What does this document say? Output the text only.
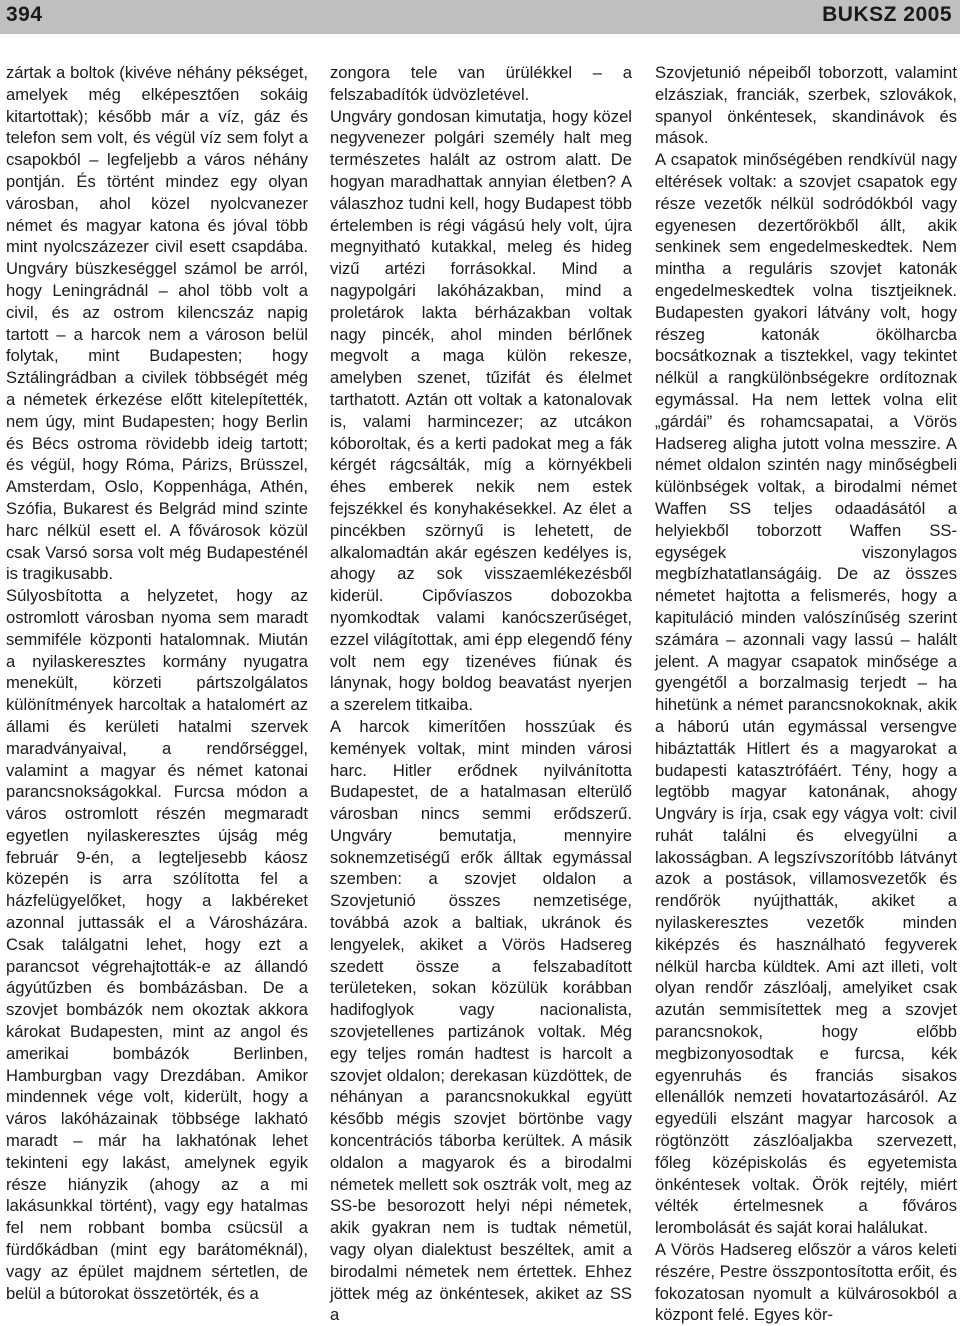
394	BUKSZ 2005

zártak a boltok (kivéve néhány pékséget, amelyek még elképesztően sokáig kitartottak); később már a víz, gáz és telefon sem volt, és végül víz sem folyt a csapokból – legfeljebb a város néhány pontján. És történt mindez egy olyan városban, ahol közel nyolcvanezer német és magyar katona és jóval több mint nyolcszázezer civil esett csapdába. Ungváry büszkeséggel számol be arról, hogy Leningrádnál – ahol több volt a civil, és az ostrom kilencszáz napig tartott – a harcok nem a városon belül folytak, mint Budapesten; hogy Sztálingrádban a civilek többségét még a németek érkezése előtt kitelepítették, nem úgy, mint Budapesten; hogy Berlin és Bécs ostroma rövidebb ideig tartott; és végül, hogy Róma, Párizs, Brüsszel, Amsterdam, Oslo, Koppenhága, Athén, Szófia, Bukarest és Belgrád mind szinte harc nélkül esett el. A fővárosok közül csak Varsó sorsa volt még Budapesténél is tragikusabb.

Súlyosbította a helyzetet, hogy az ostromlott városban nyoma sem maradt semmiféle központi hatalomnak. Miután a nyilaskeresztes kormány nyugatra menekült, körzeti pártszolgálatos különítmények harcoltak a hatalomért az állami és kerületi hatalmi szervek maradványaival, a rendőrséggel, valamint a magyar és német katonai parancsnokságokkal. Furcsa módon a város ostromlott részén megmaradt egyetlen nyilaskeresztes újság még február 9-én, a legteljesebb káosz közepén is arra szólította fel a házfelügyelőket, hogy a lakbéreket azonnal juttassák el a Városházára. Csak találgatni lehet, hogy ezt a parancsot végrehajtották-e az állandó ágyútűzben és bombázásban. De a szovjet bombázók nem okoztak akkora károkat Budapesten, mint az angol és amerikai bombázók Berlinben, Hamburgban vagy Drezdában. Amikor mindennek vége volt, kiderült, hogy a város lakóházainak többsége lakható maradt – már ha lakhatónak lehet tekinteni egy lakást, amelynek egyik része hiányzik (ahogy az a mi lakásunkkal történt), vagy egy hatalmas fel nem robbant bomba csücsül a fürdőkádban (mint egy barátoméknál), vagy az épület majdnem sértetlen, de belül a bútorokat összetörték, és a

zongora tele van ürülékkel – a felszabadítók üdvözletével.

Ungváry gondosan kimutatja, hogy közel negyvenezer polgári személy halt meg természetes halált az ostrom alatt. De hogyan maradhattak annyian életben? A válaszhoz tudni kell, hogy Budapest több értelemben is régi vágású hely volt, újra megnyitható kutakkal, meleg és hideg vizű artézi forrásokkal. Mind a nagypolgári lakóházakban, mind a proletárok lakta bérházakban voltak nagy pincék, ahol minden bérlőnek megvolt a maga külön rekesze, amelyben szenet, tűzifát és élelmet tarthatott. Aztán ott voltak a katonalovak is, valami harmincezer; az utcákon kóboroltak, és a kerti padokat meg a fák kérgét rágcsálták, míg a környékbeli éhes emberek nekik nem estek fejszékkel és konyhakésekkel. Az élet a pincékben szörnyű is lehetett, de alkalomadtán akár egészen kedélyes is, ahogy az sok visszaemlékezésből kiderül. Cipővíaszos dobozokba nyomkodtak valami kanócszerűséget, ezzel világítottak, ami épp elegendő fény volt nem egy tizenéves fiúnak és lánynak, hogy boldog beavatást nyerjen a szerelem titkaiba.

A harcok kimerítően hosszúak és kemények voltak, mint minden városi harc. Hitler erődnek nyilvánította Budapestet, de a hatalmasan elterülő városban nincs semmi erődszerű. Ungváry bemutatja, mennyire soknemzetiségű erők álltak egymással szemben: a szovjet oldalon a Szovjetunió összes nemzetisége, továbbá azok a baltiak, ukránok és lengyelek, akiket a Vörös Hadsereg szedett össze a felszabadított területeken, sokan közülük korábban hadifoglyok vagy nacionalista, szovjetellenes partizánok voltak. Még egy teljes román hadtest is harcolt a szovjet oldalon; derekasan küzdöttek, de néhányan a parancsnokukkal együtt később mégis szovjet börtönbe vagy koncentrációs táborba kerültek. A másik oldalon a magyarok és a birodalmi németek mellett sok osztrák volt, meg az SS-be besorozott helyi népi németek, akik gyakran nem is tudtak németül, vagy olyan dialektust beszéltek, amit a birodalmi németek nem értettek. Ehhez jöttek még az önkéntesek, akiket az SS a

Szovjetunió népeiből toborzott, valamint elzásziak, franciák, szerbek, szlovákok, spanyol önkéntesek, skandinávok és mások.

A csapatok minőségében rendkívül nagy eltérések voltak: a szovjet csapatok egy része vezetők nélkül sodródókból vagy egyenesen dezertőrökből állt, akik senkinek sem engedelmeskedtek. Nem mintha a reguláris szovjet katonák engedelmeskedtek volna tisztjeiknek. Budapesten gyakori látvány volt, hogy részeg katonák ökölharcba bocsátkoznak a tisztekkel, vagy tekintet nélkül a rangkülönbségekre ordítoznak egymással. Ha nem lettek volna elit „gárdái” és rohamcsapatai, a Vörös Hadsereg aligha jutott volna messzire. A német oldalon szintén nagy minőségbeli különbségek voltak, a birodalmi német Waffen SS teljes odaadásától a helyiekből toborzott Waffen SS-egységek viszonylagos megbízhatatlanságáig. De az összes németet hajtotta a felismerés, hogy a kapituláció minden valószínűség szerint számára – azonnali vagy lassú – halált jelent. A magyar csapatok minősége a gyengétől a borzalmasig terjedt – ha hihetünk a német parancsnokoknak, akik a háború után egymással versengve hibáztatták Hitlert és a magyarokat a budapesti katasztrófáért. Tény, hogy a legtöbb magyar katonának, ahogy Ungváry is írja, csak egy vágya volt: civil ruhát találni és elvegyülni a lakosságban. A legszívszorítóbb látványt azok a postások, villamosvezetők és rendőrök nyújthatták, akiket a nyilaskeresztes vezetők minden kiképzés és használható fegyverek nélkül harcba küldtek. Ami azt illeti, volt olyan rendőr zászlóalj, amelyiket csak azután semmisítettek meg a szovjet parancsnokok, hogy előbb megbizonyosodtak e furcsa, kék egyenruhás és franciás sisakos ellenállók nemzeti hovatartozásáról. Az egyedüli elszánt magyar harcosok a rögtönzött zászlóaljakba szervezett, főleg középiskolás és egyetemista önkéntesek voltak. Örök rejtély, miért vélték értelmesnek a főváros lerombolását és saját korai halálukat.

A Vörös Hadsereg először a város keleti részére, Pestre összpontosította erőit, és fokozatosan nyomult a külvárosokból a központ felé. Egyes kör-
